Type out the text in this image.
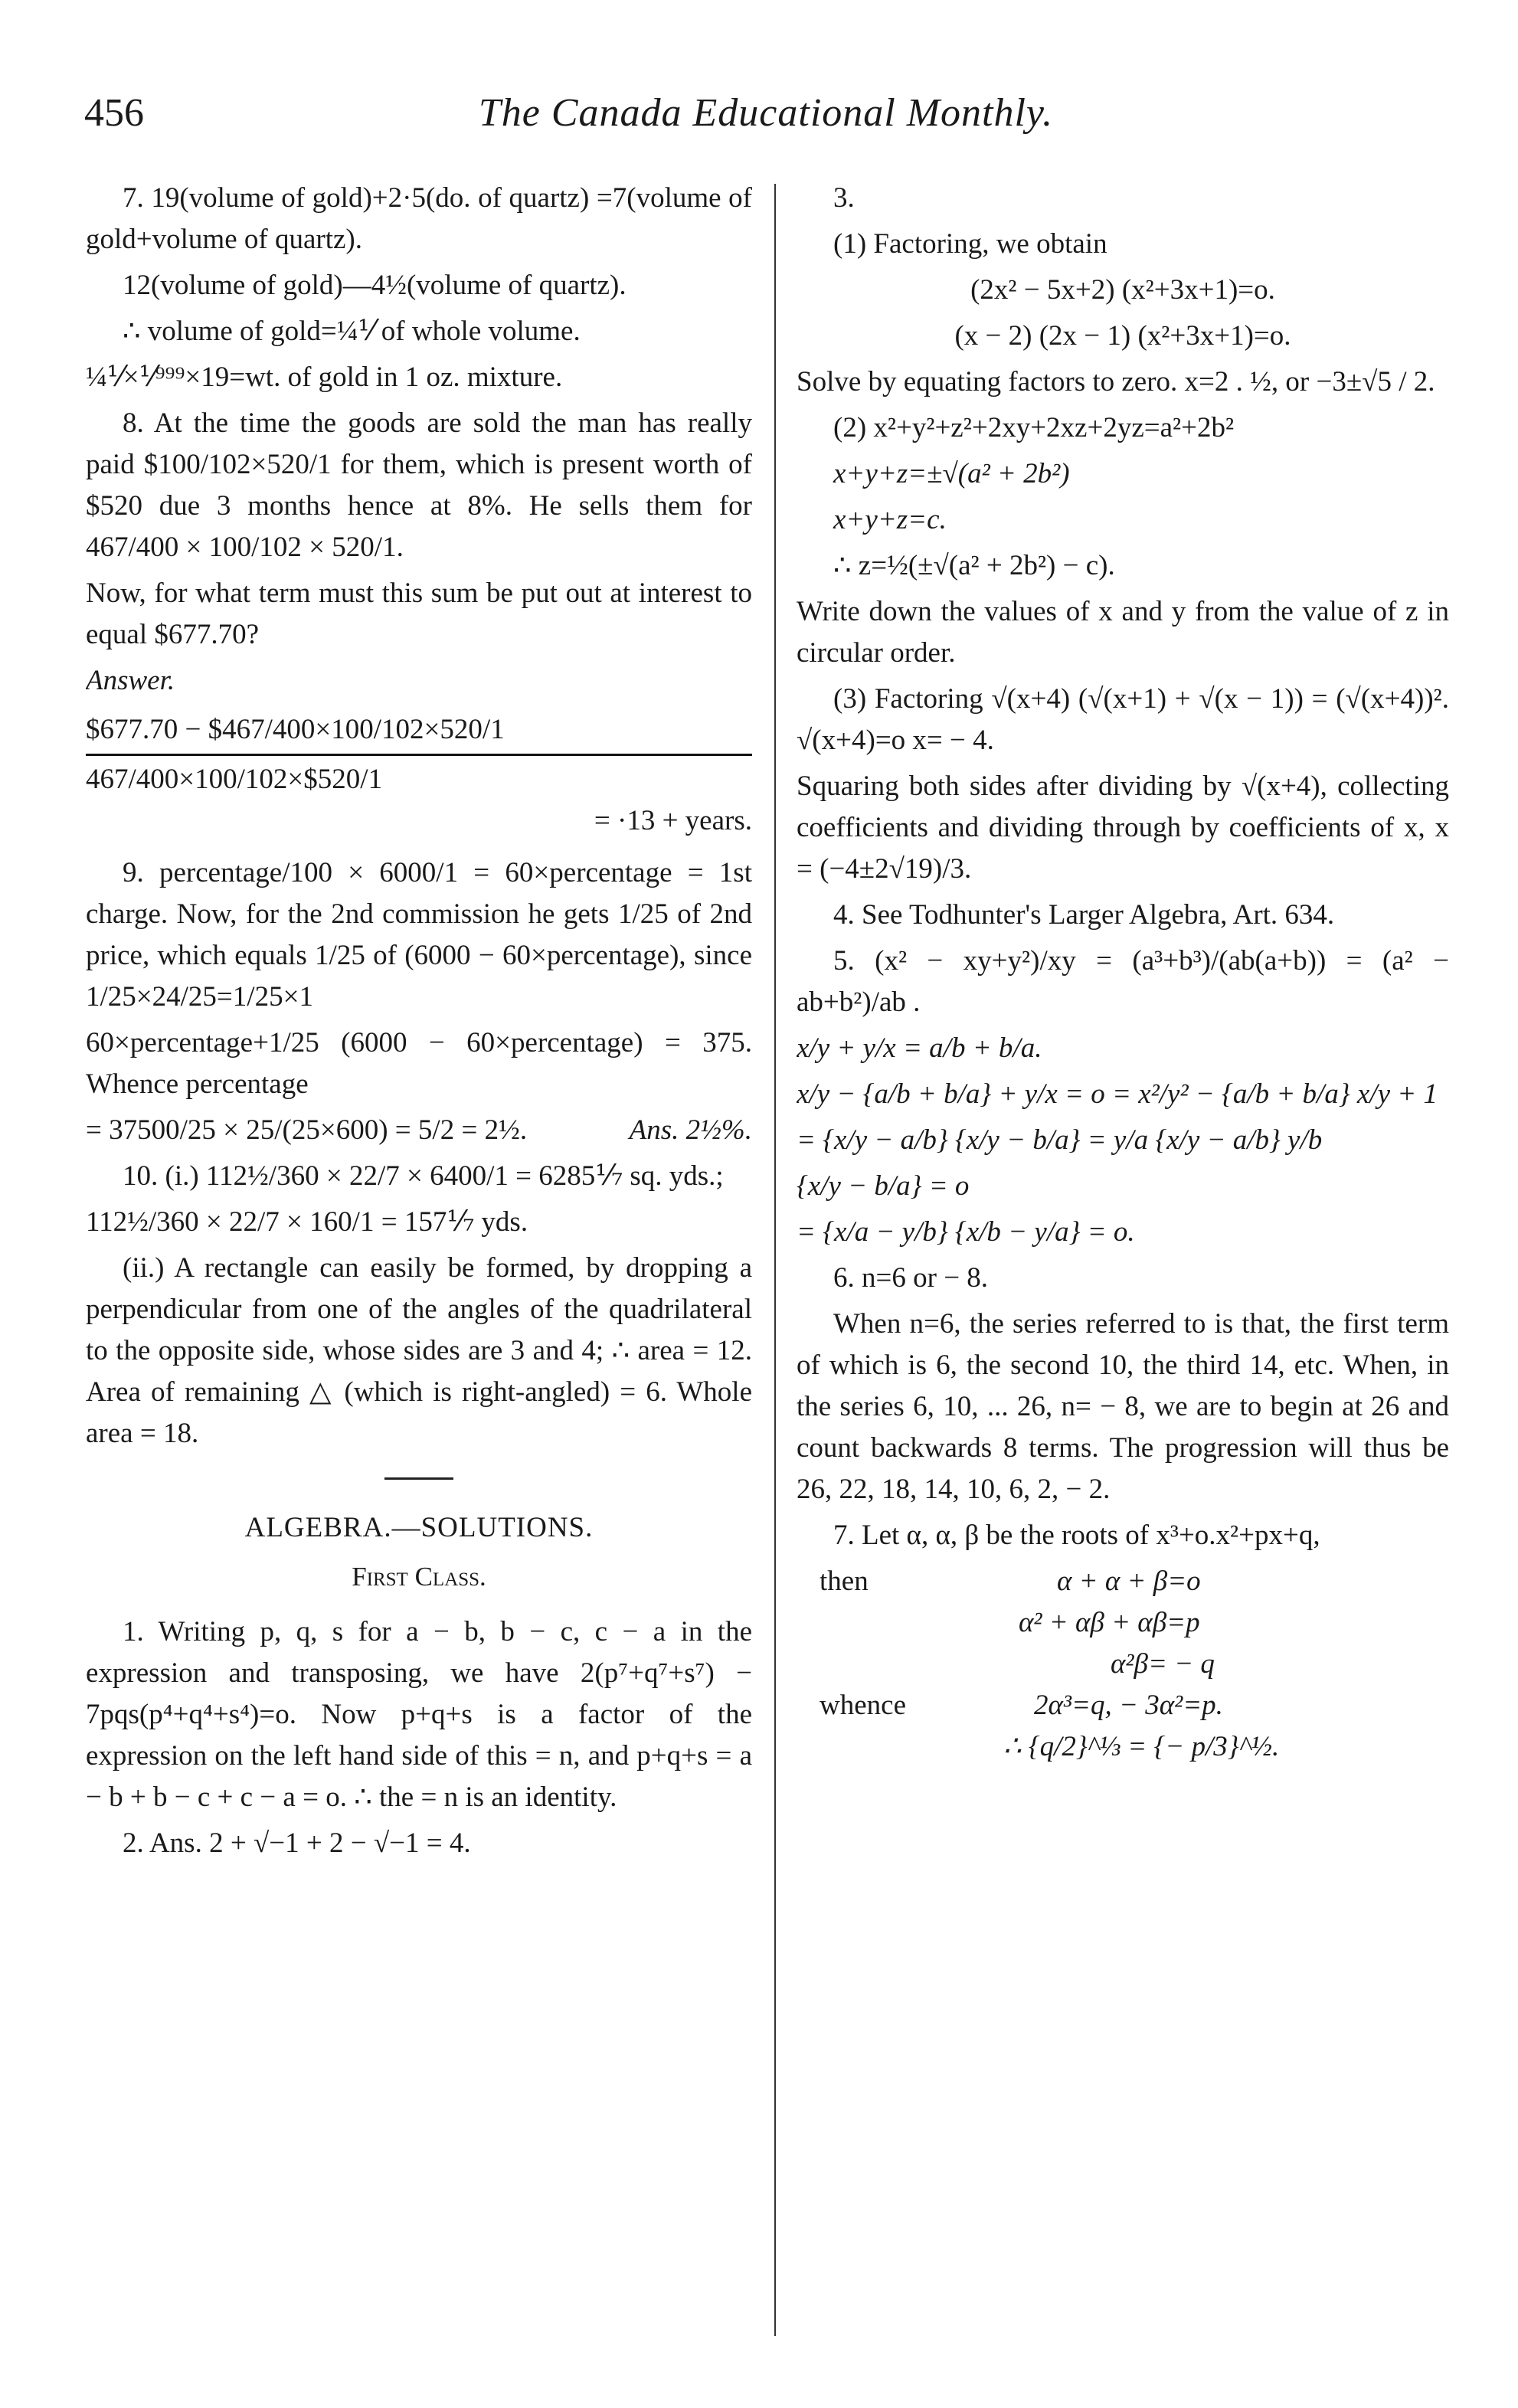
456	The Canada Educational Monthly.

7. 19(volume of gold)+2·5(do. of quartz) =7(volume of gold+volume of quartz).

12(volume of gold)—4½(volume of quartz).

∴ volume of gold=¼⅟ of whole volume.

¼⅟×⅟⁹⁹⁹×19=wt. of gold in 1 oz. mixture.

8. At the time the goods are sold the man has really paid $100/102×520/1 for them, which is present worth of $520 due 3 months hence at 8%. He sells them for 467/400 × 100/102 × 520/1.

Now, for what term must this sum be put out at interest to equal $677.70?

Answer.

$677.70 − $467/400×100/102×520/1
467/400×100/102×$520/1
= ·13 + years.

9. percentage/100 × 6000/1 = 60×percentage = 1st charge. Now, for the 2nd commission he gets 1/25 of 2nd price, which equals 1/25 of (6000 − 60×percentage), since 1/25×24/25=1/25×1

60×percentage+1/25 (6000 − 60×percentage) = 375. Whence percentage

= 37500/25 × 25/(25×600) = 5/2 = 2½.	Ans. 2½%.

10. (i.) 112½/360 × 22/7 × 6400/1 = 6285⅐ sq. yds.;

112½/360 × 22/7 × 160/1 = 157⅐ yds.

(ii.) A rectangle can easily be formed, by dropping a perpendicular from one of the angles of the quadrilateral to the opposite side, whose sides are 3 and 4; ∴ area = 12. Area of remaining △ (which is right-angled) = 6. Whole area = 18.

ALGEBRA.—SOLUTIONS.
First Class.

1. Writing p, q, s for a − b, b − c, c − a in the expression and transposing, we have 2(p⁷+q⁷+s⁷) − 7pqs(p⁴+q⁴+s⁴)=o. Now p+q+s is a factor of the expression on the left hand side of this = n, and p+q+s = a − b + b − c + c − a = o. ∴ the = n is an identity.

2. Ans. 2 + √−1 + 2 − √−1 = 4.

3.

(1) Factoring, we obtain

(2x² − 5x+2) (x²+3x+1)=o.

(x − 2) (2x − 1) (x²+3x+1)=o.

Solve by equating factors to zero. x=2 . ½, or −3±√5 / 2.

(2) x²+y²+z²+2xy+2xz+2yz=a²+2b²

x+y+z=±√(a² + 2b²)

x+y+z=c.

∴ z=½(±√(a² + 2b²) − c).

Write down the values of x and y from the value of z in circular order.

(3) Factoring √(x+4) (√(x+1) + √(x − 1)) = (√(x+4))². √(x+4)=o x= − 4.

Squaring both sides after dividing by √(x+4), collecting coefficients and dividing through by coefficients of x, x = (−4±2√19)/3.

4. See Todhunter's Larger Algebra, Art. 634.

5. (x² − xy+y²)/xy = (a³+b³)/(ab(a+b)) = (a² − ab+b²)/ab .

x/y + y/x = a/b + b/a.

x/y − {a/b + b/a} + y/x = o = x²/y² − {a/b + b/a} x/y + 1

= {x/y − a/b} {x/y − b/a} = y/a {x/y − a/b} y/b

{x/y − b/a} = o

= {x/a − y/b} {x/b − y/a} = o.

6. n=6 or − 8.

When n=6, the series referred to is that, the first term of which is 6, the second 10, the third 14, etc. When, in the series 6, 10, ... 26, n= − 8, we are to begin at 26 and count backwards 8 terms. The progression will thus be 26, 22, 18, 14, 10, 6, 2, − 2.

7. Let α, α, β be the roots of x³+o.x²+px+q,

then	α + α + β=o
α² + αβ + αβ=p
α²β= − q
whence	2α³=q, − 3α²=p.
∴ {q/2}^⅓ = {− p/3}^½.
